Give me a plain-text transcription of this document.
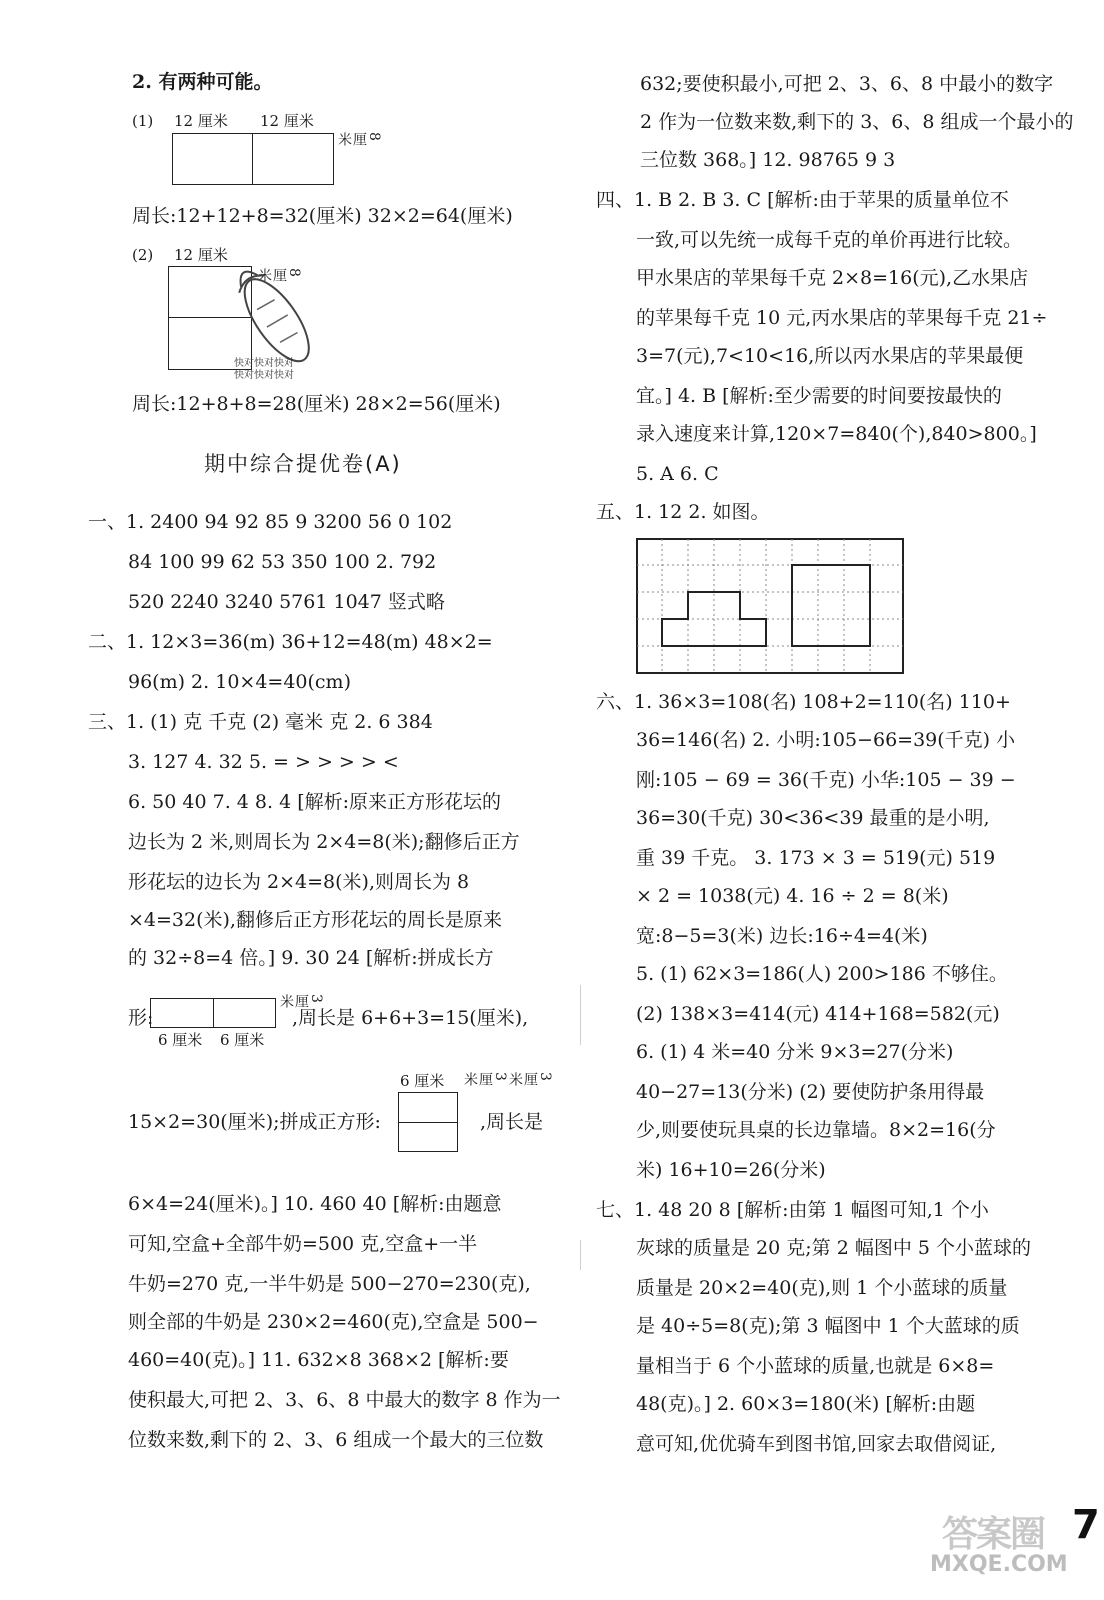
2. 有两种可能。
(1) 12 厘米 12 厘米
8厘米
周长:12+12+8=32(厘米) 32×2=64(厘米)
(2) 12 厘米
8厘米
快对快对快对
快对快对快对
周长:12+8+8=28(厘米) 28×2=56(厘米)
期中综合提优卷(A)
一、1. 2400 94 92 85 9 3200 56 0 102
84 100 99 62 53 350 100 2. 792
520 2240 3240 5761 1047 竖式略
二、1. 12×3=36(m) 36+12=48(m) 48×2=
96(m) 2. 10×4=40(cm)
三、1. (1) 克 千克 (2) 毫米 克 2. 6 384
3. 127 4. 32 5. = > > > > <
6. 50 40 7. 4 8. 4 [解析:原来正方形花坛的
边长为 2 米,则周长为 2×4=8(米);翻修后正方
形花坛的边长为 2×4=8(米),则周长为 8
×4=32(米),翻修后正方形花坛的周长是原来
的 32÷8=4 倍。] 9. 30 24 [解析:拼成长方
形:
6 厘米 6 厘米
3厘米
,周长是 6+6+3=15(厘米),
6 厘米	3厘米3厘米
15×2=30(厘米);拼成正方形:	,周长是
6×4=24(厘米)。] 10. 460 40 [解析:由题意
可知,空盒+全部牛奶=500 克,空盒+一半
牛奶=270 克,一半牛奶是 500−270=230(克),
则全部的牛奶是 230×2=460(克),空盒是 500−
460=40(克)。] 11. 632×8 368×2 [解析:要
使积最大,可把 2、3、6、8 中最大的数字 8 作为一
位数来数,剩下的 2、3、6 组成一个最大的三位数
632;要使积最小,可把 2、3、6、8 中最小的数字
2 作为一位数来数,剩下的 3、6、8 组成一个最小的
三位数 368。] 12. 98765 9 3
四、1. B 2. B 3. C [解析:由于苹果的质量单位不
一致,可以先统一成每千克的单价再进行比较。
甲水果店的苹果每千克 2×8=16(元),乙水果店
的苹果每千克 10 元,丙水果店的苹果每千克 21÷
3=7(元),7<10<16,所以丙水果店的苹果最便
宜。] 4. B [解析:至少需要的时间要按最快的
录入速度来计算,120×7=840(个),840>800。]
5. A 6. C
五、1. 12 2. 如图。
六、1. 36×3=108(名) 108+2=110(名) 110+
36=146(名) 2. 小明:105−66=39(千克) 小
刚:105 − 69 = 36(千克) 小华:105 − 39 −
36=30(千克) 30<36<39 最重的是小明,
重 39 千克。 3. 173 × 3 = 519(元) 519
× 2 = 1038(元) 4. 16 ÷ 2 = 8(米)
宽:8−5=3(米) 边长:16÷4=4(米)
5. (1) 62×3=186(人) 200>186 不够住。
(2) 138×3=414(元) 414+168=582(元)
6. (1) 4 米=40 分米 9×3=27(分米)
40−27=13(分米) (2) 要使防护条用得最
少,则要使玩具桌的长边靠墙。8×2=16(分
米) 16+10=26(分米)
七、1. 48 20 8 [解析:由第 1 幅图可知,1 个小
灰球的质量是 20 克;第 2 幅图中 5 个小蓝球的
质量是 20×2=40(克),则 1 个小蓝球的质量
是 40÷5=8(克);第 3 幅图中 1 个大蓝球的质
量相当于 6 个小蓝球的质量,也就是 6×8=
48(克)。] 2. 60×3=180(米) [解析:由题
意可知,优优骑车到图书馆,回家去取借阅证,
答案圈
MXQE.COM
7
